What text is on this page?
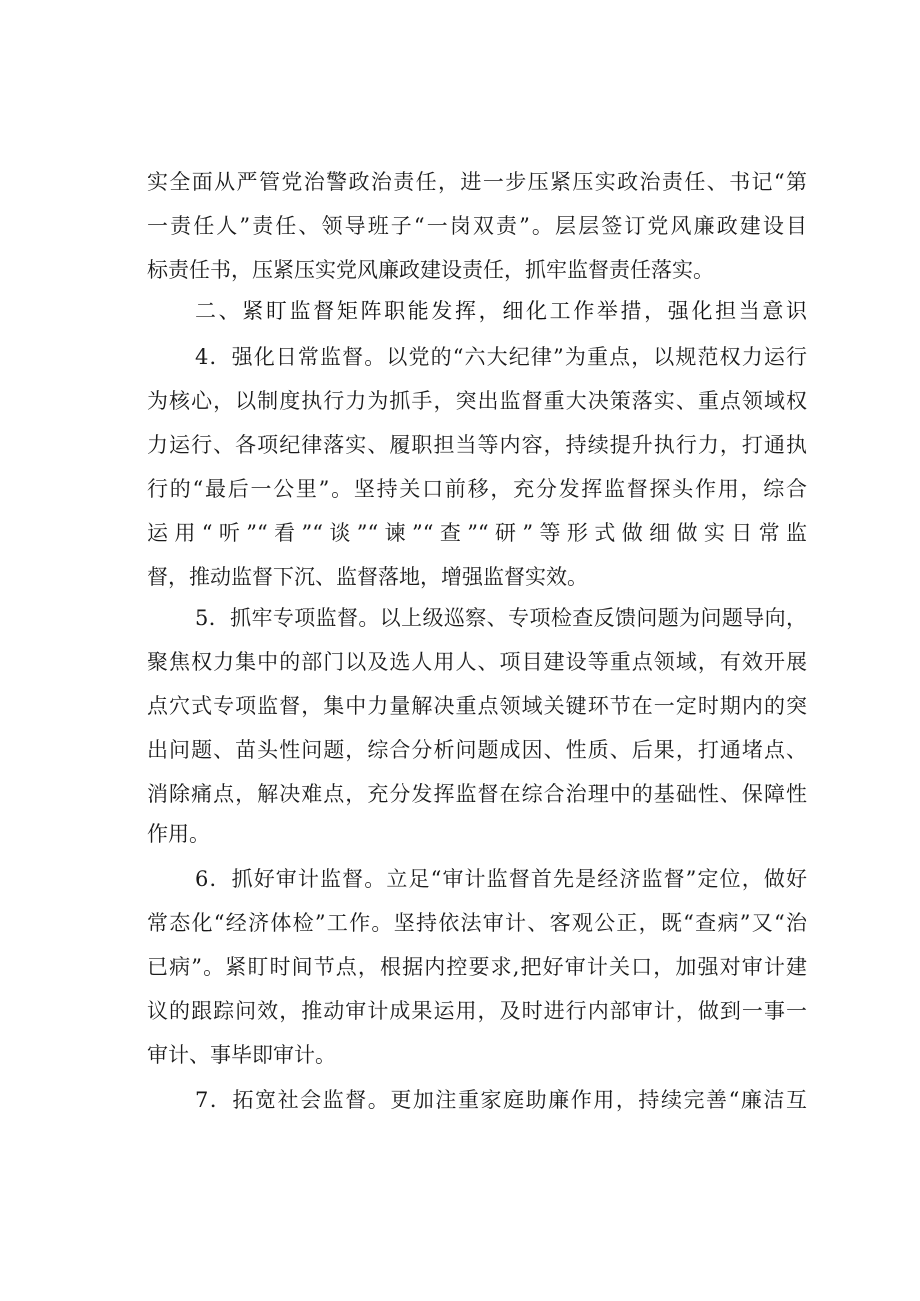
实全面从严管党治警政治责任，进一步压紧压实政治责任、书记“第
一责任人”责任、领导班子“一岗双责”。层层签订党风廉政建设目
标责任书，压紧压实党风廉政建设责任，抓牢监督责任落实。
二、紧盯监督矩阵职能发挥，细化工作举措，强化担当意识
4．强化日常监督。以党的“六大纪律”为重点，以规范权力运行
为核心，以制度执行力为抓手，突出监督重大决策落实、重点领域权
力运行、各项纪律落实、履职担当等内容，持续提升执行力，打通执
行的“最后一公里”。坚持关口前移，充分发挥监督探头作用，综合
运用“听”“看”“谈”“谏”“查”“研”等形式做细做实日常监
督，推动监督下沉、监督落地，增强监督实效。
5．抓牢专项监督。以上级巡察、专项检查反馈问题为问题导向，
聚焦权力集中的部门以及选人用人、项目建设等重点领域，有效开展
点穴式专项监督，集中力量解决重点领域关键环节在一定时期内的突
出问题、苗头性问题，综合分析问题成因、性质、后果，打通堵点、
消除痛点，解决难点，充分发挥监督在综合治理中的基础性、保障性
作用。
6．抓好审计监督。立足“审计监督首先是经济监督”定位，做好
常态化“经济体检”工作。坚持依法审计、客观公正，既“查病”又“治
已病”。紧盯时间节点，根据内控要求,把好审计关口，加强对审计建
议的跟踪问效，推动审计成果运用，及时进行内部审计，做到一事一
审计、事毕即审计。
7．拓宽社会监督。更加注重家庭助廉作用，持续完善“廉洁互
